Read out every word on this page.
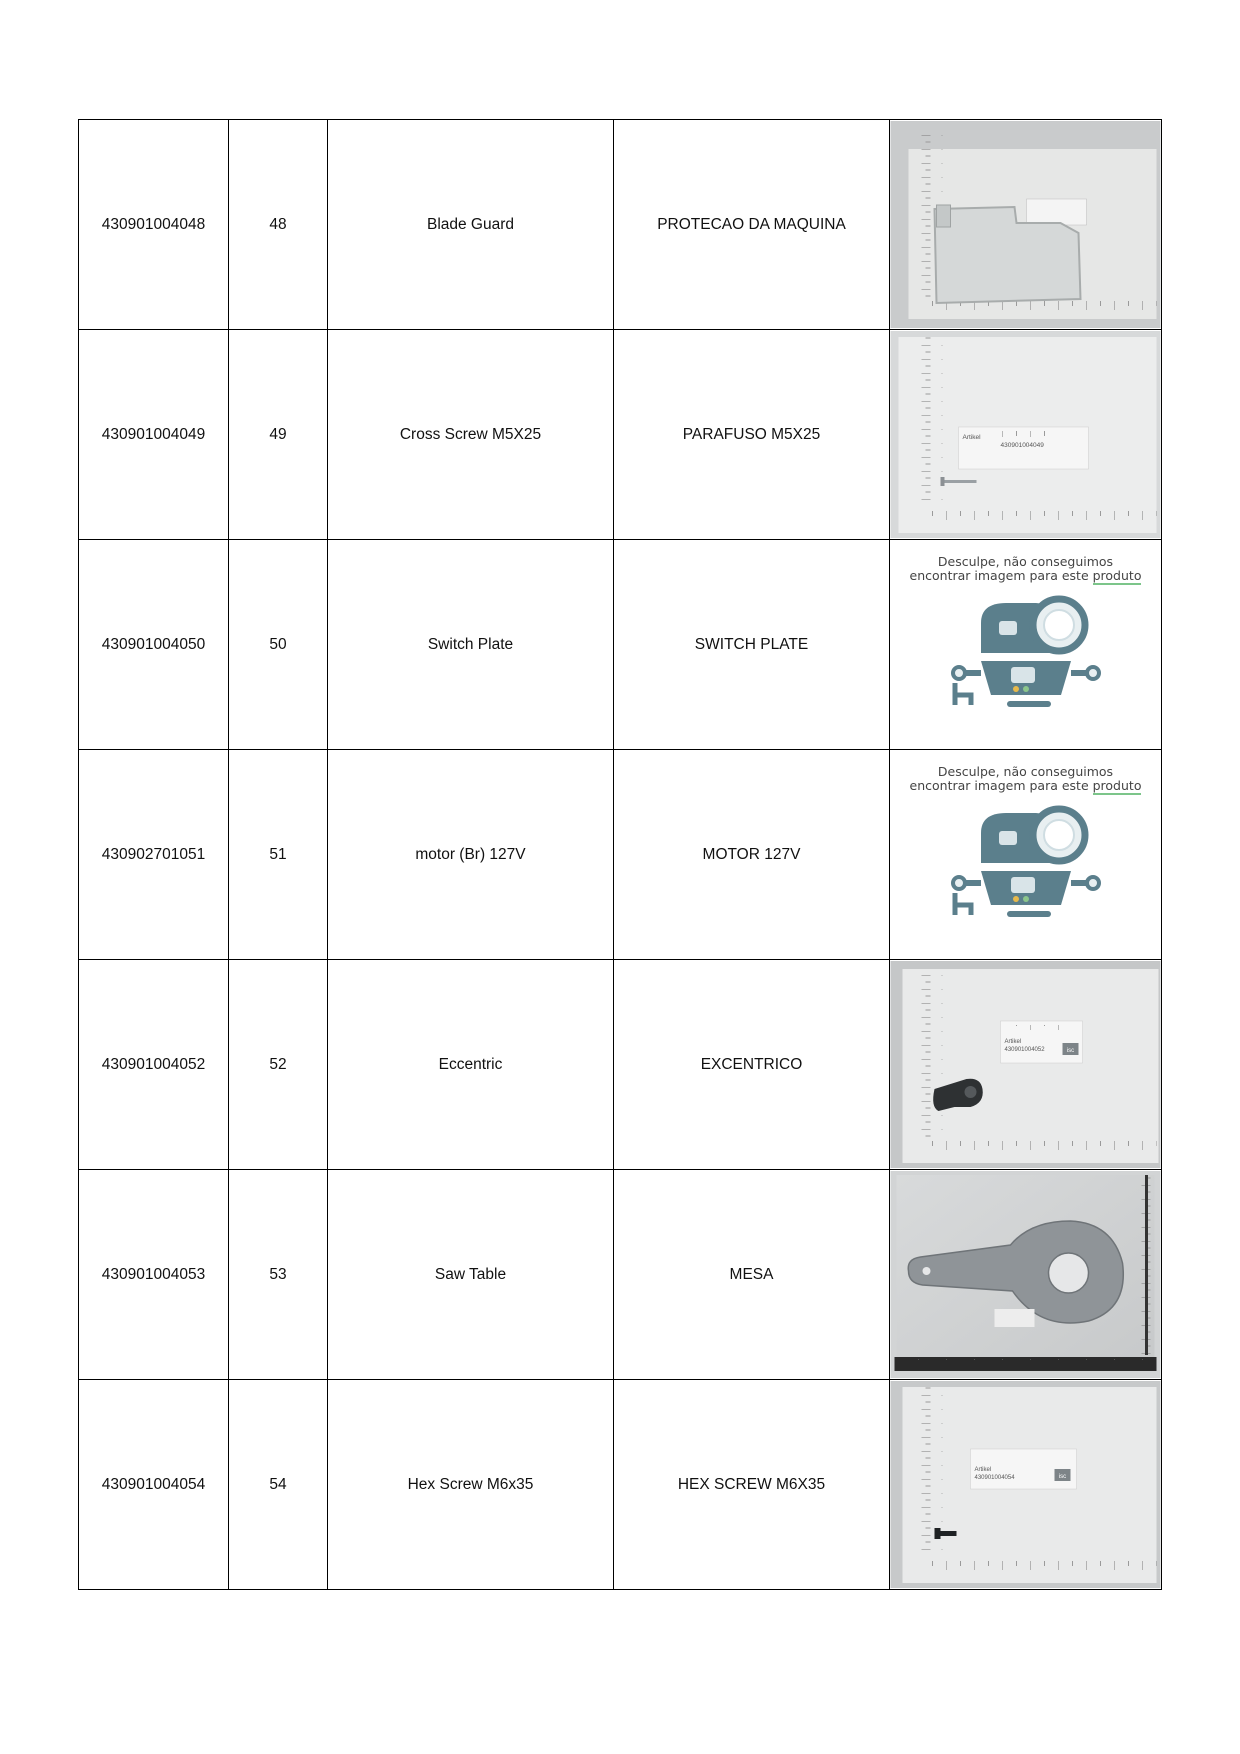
430901004048	48	Blade Guard	PROTECAO DA MAQUINA	

430901004049	49	Cross Screw M5X25	PARAFUSO M5X25	Artikel
430901004049

430901004050	50	Switch Plate	SWITCH PLATE	Desculpe, não conseguimos
encontrar imagem para este produto

430902701051	51	motor (Br) 127V	MOTOR 127V	Desculpe, não conseguimos
encontrar imagem para este produto

430901004052	52	Eccentric	EXCENTRICO	Artikel
430901004052 isc

430901004053	53	Saw Table	MESA	

430901004054	54	Hex Screw M6x35	HEX SCREW M6X35	Artikel
430901004054 isc
